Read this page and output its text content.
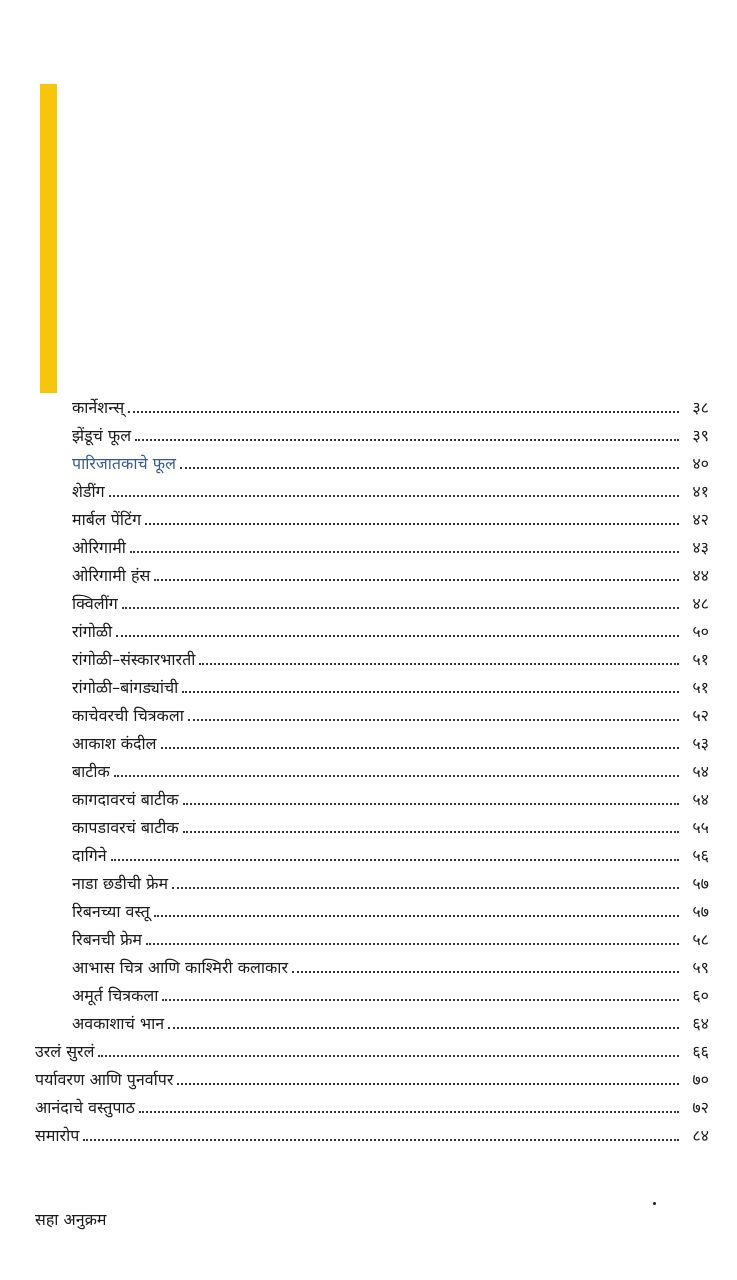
कार्नेशन्स्	३८
झेंडूचं फूल	३९
पारिजातकाचे फूल	४०
शेडींग	४१
मार्बल पेंटिंग	४२
ओरिगामी	४३
ओरिगामी हंस	४४
क्विलींग	४८
रांगोळी	५०
रांगोळी–संस्कारभारती	५१
रांगोळी–बांगड्यांची	५१
काचेवरची चित्रकला	५२
आकाश कंदील	५३
बाटीक	५४
कागदावरचं बाटीक	५४
कापडावरचं बाटीक	५५
दागिने	५६
नाडा छडीची फ्रेम	५७
रिबनच्या वस्तू	५७
रिबनची फ्रेम	५८
आभास चित्र आणि काश्मिरी कलाकार	५९
अमूर्त चित्रकला	६०
अवकाशाचं भान	६४
उरलं सुरलं	६६
पर्यावरण आणि पुनर्वापर	७०
आनंदाचे वस्तुपाठ	७२
समारोप	८४
सहा अनुक्रम
